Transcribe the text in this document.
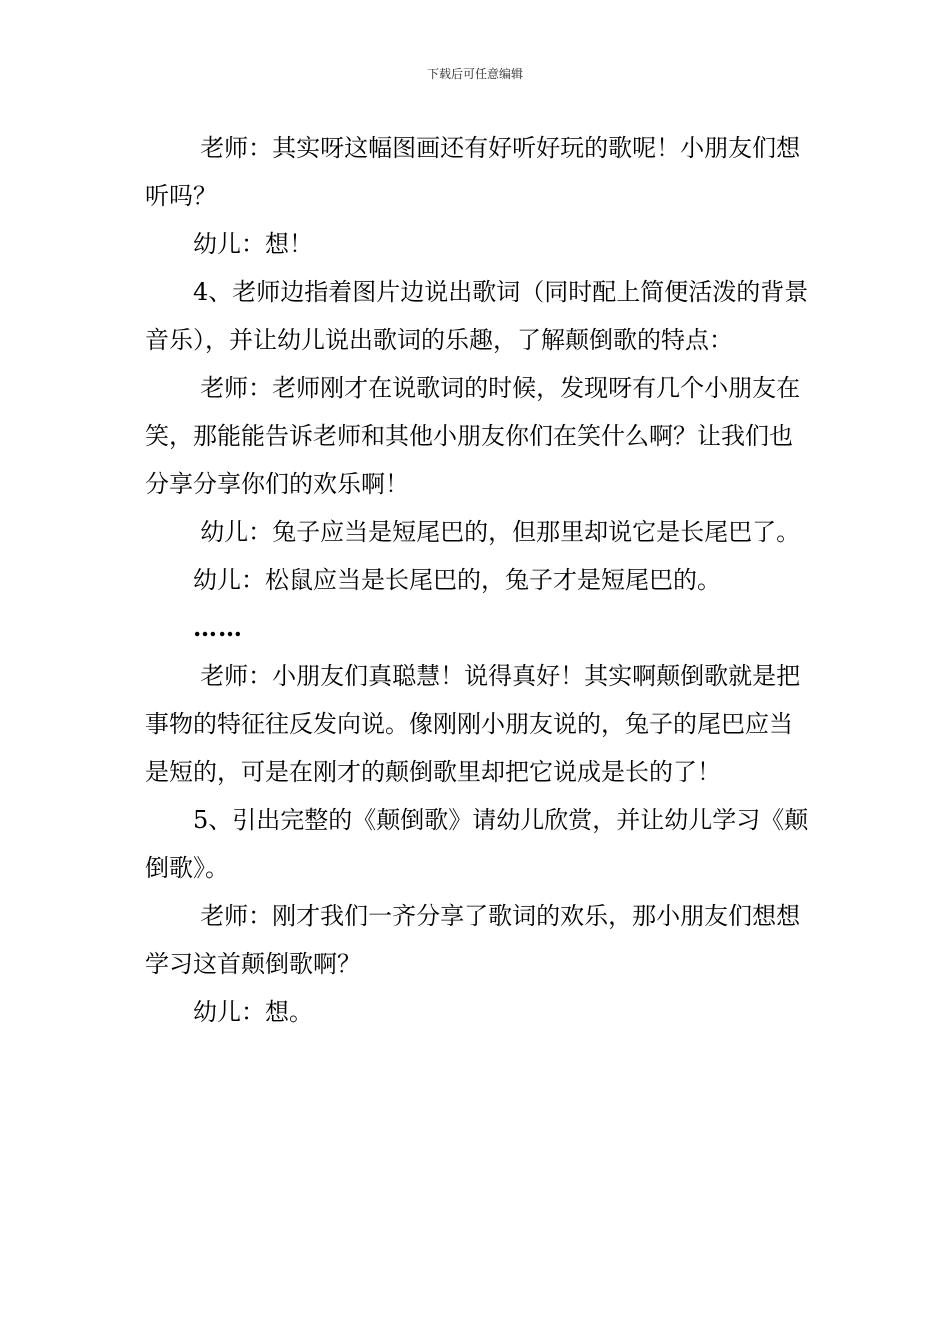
下载后可任意编辑

老师：其实呀这幅图画还有好听好玩的歌呢！小朋友们想听吗？

幼儿：想！

4、老师边指着图片边说出歌词（同时配上简便活泼的背景音乐），并让幼儿说出歌词的乐趣，了解颠倒歌的特点：

老师：老师刚才在说歌词的时候，发现呀有几个小朋友在笑，那能能告诉老师和其他小朋友你们在笑什么啊？让我们也分享分享你们的欢乐啊！

幼儿：兔子应当是短尾巴的，但那里却说它是长尾巴了。

幼儿：松鼠应当是长尾巴的，兔子才是短尾巴的。

……

老师：小朋友们真聪慧！说得真好！其实啊颠倒歌就是把事物的特征往反发向说。像刚刚小朋友说的，兔子的尾巴应当是短的，可是在刚才的颠倒歌里却把它说成是长的了！

5、引出完整的《颠倒歌》请幼儿欣赏，并让幼儿学习《颠倒歌》。

老师：刚才我们一齐分享了歌词的欢乐，那小朋友们想想学习这首颠倒歌啊？

幼儿：想。
